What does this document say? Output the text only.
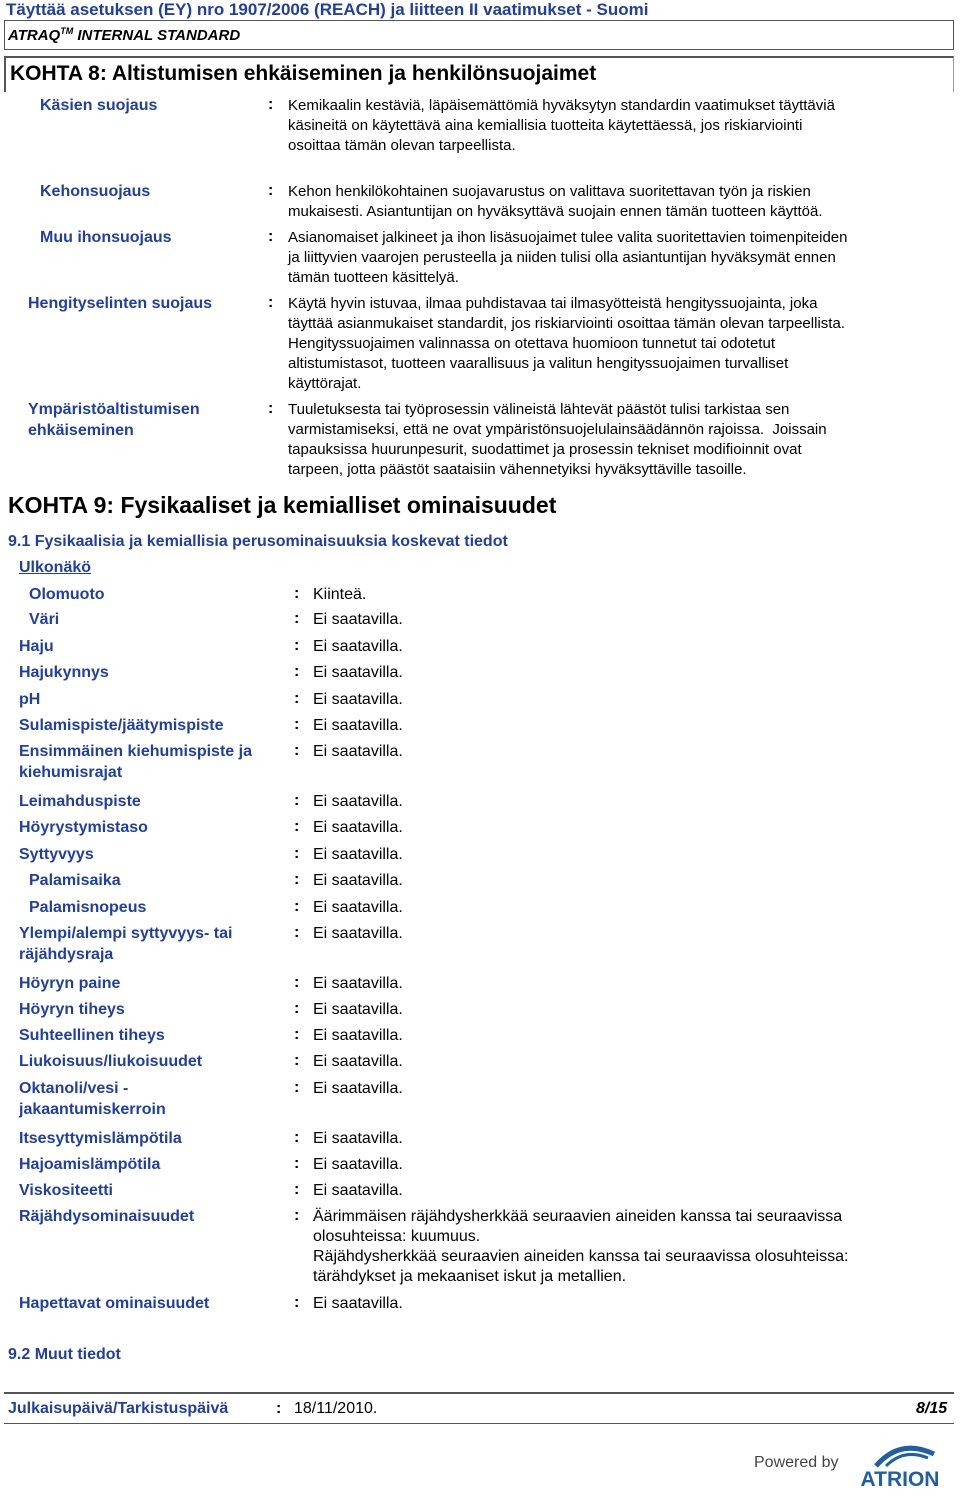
Täyttää asetuksen (EY) nro 1907/2006 (REACH) ja liitteen II vaatimukset - Suomi
ATRAQ™ INTERNAL STANDARD
KOHTA 8: Altistumisen ehkäiseminen ja henkilönsuojaimet
Käsien suojaus	: Kemikaalin kestäviä, läpäisemättömiä hyväksytyn standardin vaatimukset täyttäviä
käsineitä on käytettävä aina kemiallisia tuotteita käytettäessä, jos riskiarviointi
osoittaa tämän olevan tarpeellista.
Kehonsuojaus	: Kehon henkilökohtainen suojavarustus on valittava suoritettavan työn ja riskien
mukaisesti. Asiantuntijan on hyväksyttävä suojain ennen tämän tuotteen käyttöä.
Muu ihonsuojaus	: Asianomaiset jalkineet ja ihon lisäsuojaimet tulee valita suoritettavien toimenpiteiden
ja liittyvien vaarojen perusteella ja niiden tulisi olla asiantuntijan hyväksymät ennen
tämän tuotteen käsittelyä.
Hengityselinten suojaus	: Käytä hyvin istuvaa, ilmaa puhdistavaa tai ilmasyötteistä hengityssuojainta, joka
täyttää asianmukaiset standardit, jos riskiarviointi osoittaa tämän olevan tarpeellista.
Hengityssuojaimen valinnassa on otettava huomioon tunnetut tai odotetut
altistumistasot, tuotteen vaarallisuus ja valitun hengityssuojaimen turvalliset
käyttörajat.
Ympäristöaltistumisen
ehkäiseminen
: Tuuletuksesta tai työprosessin välineistä lähtevät päästöt tulisi tarkistaa sen
varmistamiseksi, että ne ovat ympäristönsuojelulainsäädännön rajoissa.  Joissain
tapauksissa huurunpesurit, suodattimet ja prosessin tekniset modifioinnit ovat
tarpeen, jotta päästöt saataisiin vähennetyiksi hyväksyttäville tasoille.
KOHTA 9: Fysikaaliset ja kemialliset ominaisuudet
9.1 Fysikaalisia ja kemiallisia perusominaisuuksia koskevat tiedot
Ulkonäkö
Olomuoto	: Kiinteä.
Väri	: Ei saatavilla.
Haju	: Ei saatavilla.
Hajukynnys	: Ei saatavilla.
pH	: Ei saatavilla.
Sulamispiste/jäätymispiste	: Ei saatavilla.
Ensimmäinen kiehumispiste ja
kiehumisrajat
: Ei saatavilla.
Leimahduspiste	: Ei saatavilla.
Höyrystymistaso	: Ei saatavilla.
Syttyvyys	: Ei saatavilla.
Palamisaika	: Ei saatavilla.
Palamisnopeus	: Ei saatavilla.
Ylempi/alempi syttyvyys- tai
räjähdysraja
: Ei saatavilla.
Höyryn paine	: Ei saatavilla.
Höyryn tiheys	: Ei saatavilla.
Suhteellinen tiheys	: Ei saatavilla.
Liukoisuus/liukoisuudet	: Ei saatavilla.
Oktanoli/vesi -
jakaantumiskerroin
: Ei saatavilla.
Itsesyttymislämpötila	: Ei saatavilla.
Hajoamislämpötila	: Ei saatavilla.
Viskositeetti	: Ei saatavilla.
Räjähdysominaisuudet	: Äärimmäisen räjähdysherkkää seuraavien aineiden kanssa tai seuraavissa
olosuhteissa: kuumuus.
Räjähdysherkkää seuraavien aineiden kanssa tai seuraavissa olosuhteissa:
tärähdykset ja mekaaniset iskut ja metallien.
Hapettavat ominaisuudet	: Ei saatavilla.
9.2 Muut tiedot
Julkaisupäivä/Tarkistuspäivä	: 18/11/2010.	8/15
Powered by
ATRION
